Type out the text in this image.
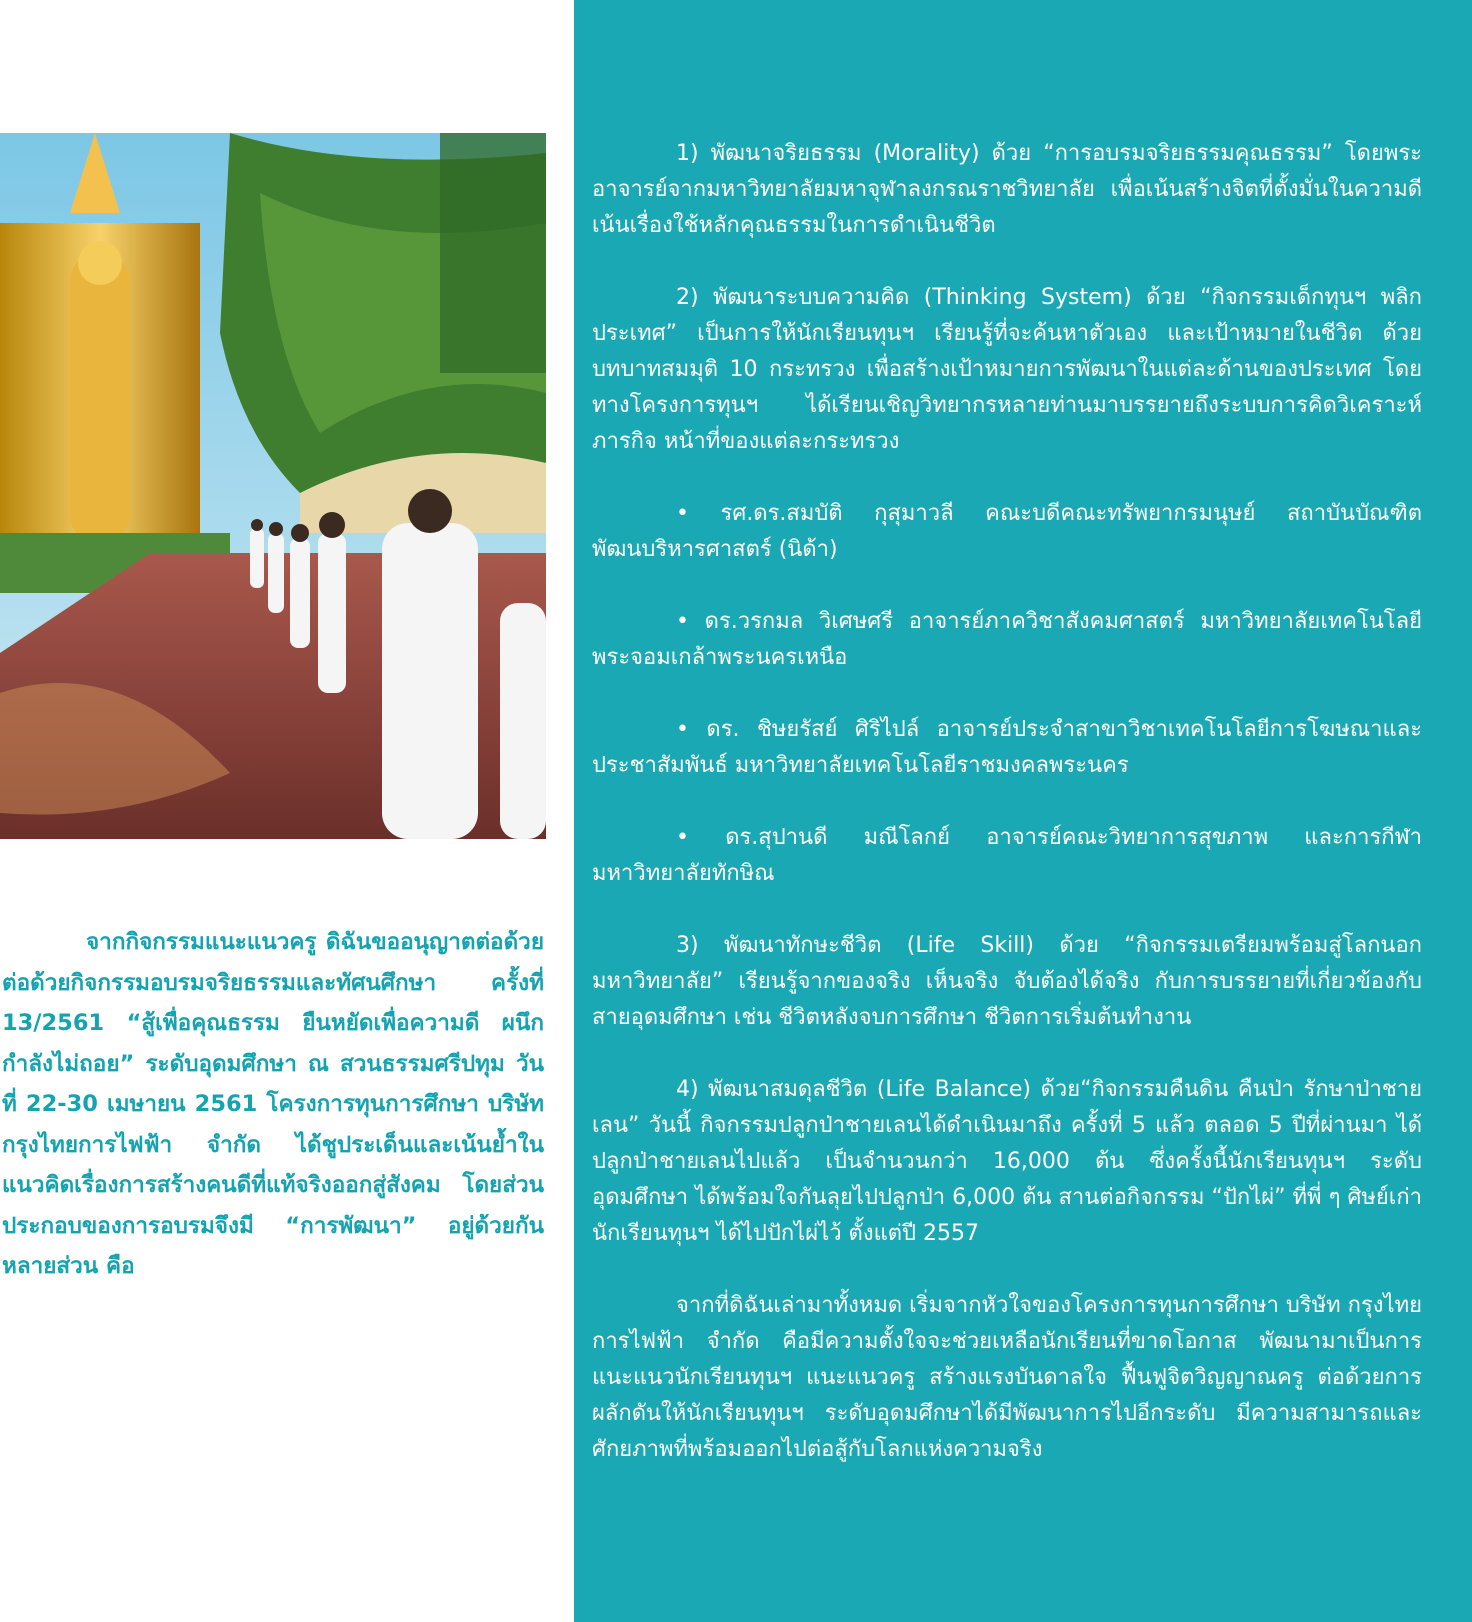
จากกิจกรรมแนะแนวครู ดิฉันขออนุญาตต่อด้วยต่อด้วยกิจกรรมอบรมจริยธรรมและทัศนศึกษา ครั้งที่ 13/2561 “สู้เพื่อคุณธรรม ยืนหยัดเพื่อความดี ผนึกกำลังไม่ถอย” ระดับอุดมศึกษา ณ สวนธรรมศรีปทุม วันที่ 22-30 เมษายน 2561 โครงการทุนการศึกษา บริษัท กรุงไทยการไฟฟ้า จำกัด ได้ชูประเด็นและเน้นย้ำในแนวคิดเรื่องการสร้างคนดีที่แท้จริงออกสู่สังคม โดยส่วนประกอบของการอบรมจึงมี “การพัฒนา” อยู่ด้วยกันหลายส่วน คือ

1) พัฒนาจริยธรรม (Morality) ด้วย “การอบรมจริยธรรมคุณธรรม” โดยพระอาจารย์จากมหาวิทยาลัยมหาจุฬาลงกรณราชวิทยาลัย เพื่อเน้นสร้างจิตที่ตั้งมั่นในความดี เน้นเรื่องใช้หลักคุณธรรมในการดำเนินชีวิต

2) พัฒนาระบบความคิด (Thinking System) ด้วย “กิจกรรมเด็กทุนฯ พลิกประเทศ” เป็นการให้นักเรียนทุนฯ เรียนรู้ที่จะค้นหาตัวเอง และเป้าหมายในชีวิต ด้วยบทบาทสมมุติ 10 กระทรวง เพื่อสร้างเป้าหมายการพัฒนาในแต่ละด้านของประเทศ โดยทางโครงการทุนฯ ได้เรียนเชิญวิทยากรหลายท่านมาบรรยายถึงระบบการคิดวิเคราะห์ ภารกิจ หน้าที่ของแต่ละกระทรวง

• รศ.ดร.สมบัติ กุสุมาวลี คณะบดีคณะทรัพยากรมนุษย์ สถาบันบัณฑิตพัฒนบริหารศาสตร์ (นิด้า)

• ดร.วรกมล วิเศษศรี อาจารย์ภาควิชาสังคมศาสตร์ มหาวิทยาลัยเทคโนโลยีพระจอมเกล้าพระนครเหนือ

• ดร. ชิษยรัสย์ ศิริไปล์ อาจารย์ประจำสาขาวิชาเทคโนโลยีการโฆษณาและประชาสัมพันธ์ มหาวิทยาลัยเทคโนโลยีราชมงคลพระนคร

• ดร.สุปานดี มณีโลกย์ อาจารย์คณะวิทยาการสุขภาพ และการกีฬามหาวิทยาลัยทักษิณ

3) พัฒนาทักษะชีวิต (Life Skill) ด้วย “กิจกรรมเตรียมพร้อมสู่โลกนอกมหาวิทยาลัย” เรียนรู้จากของจริง เห็นจริง จับต้องได้จริง กับการบรรยายที่เกี่ยวข้องกับสายอุดมศึกษา เช่น ชีวิตหลังจบการศึกษา ชีวิตการเริ่มต้นทำงาน

4) พัฒนาสมดุลชีวิต (Life Balance) ด้วย“กิจกรรมคืนดิน คืนป่า รักษาป่าชายเลน” วันนี้ กิจกรรมปลูกป่าชายเลนได้ดำเนินมาถึง ครั้งที่ 5 แล้ว ตลอด 5 ปีที่ผ่านมา ได้ปลูกป่าชายเลนไปแล้ว เป็นจำนวนกว่า 16,000 ต้น ซึ่งครั้งนี้นักเรียนทุนฯ ระดับอุดมศึกษา ได้พร้อมใจกันลุยไปปลูกป่า 6,000 ต้น สานต่อกิจกรรม “ปักไผ่” ที่พี่ ๆ ศิษย์เก่านักเรียนทุนฯ ได้ไปปักไผ่ไว้ ตั้งแต่ปี 2557

จากที่ดิฉันเล่ามาทั้งหมด เริ่มจากหัวใจของโครงการทุนการศึกษา บริษัท กรุงไทยการไฟฟ้า จำกัด คือมีความตั้งใจจะช่วยเหลือนักเรียนที่ขาดโอกาส พัฒนามาเป็นการแนะแนวนักเรียนทุนฯ แนะแนวครู สร้างแรงบันดาลใจ ฟื้นฟูจิตวิญญาณครู ต่อด้วยการผลักดันให้นักเรียนทุนฯ ระดับอุดมศึกษาได้มีพัฒนาการไปอีกระดับ มีความสามารถและศักยภาพที่พร้อมออกไปต่อสู้กับโลกแห่งความจริง
